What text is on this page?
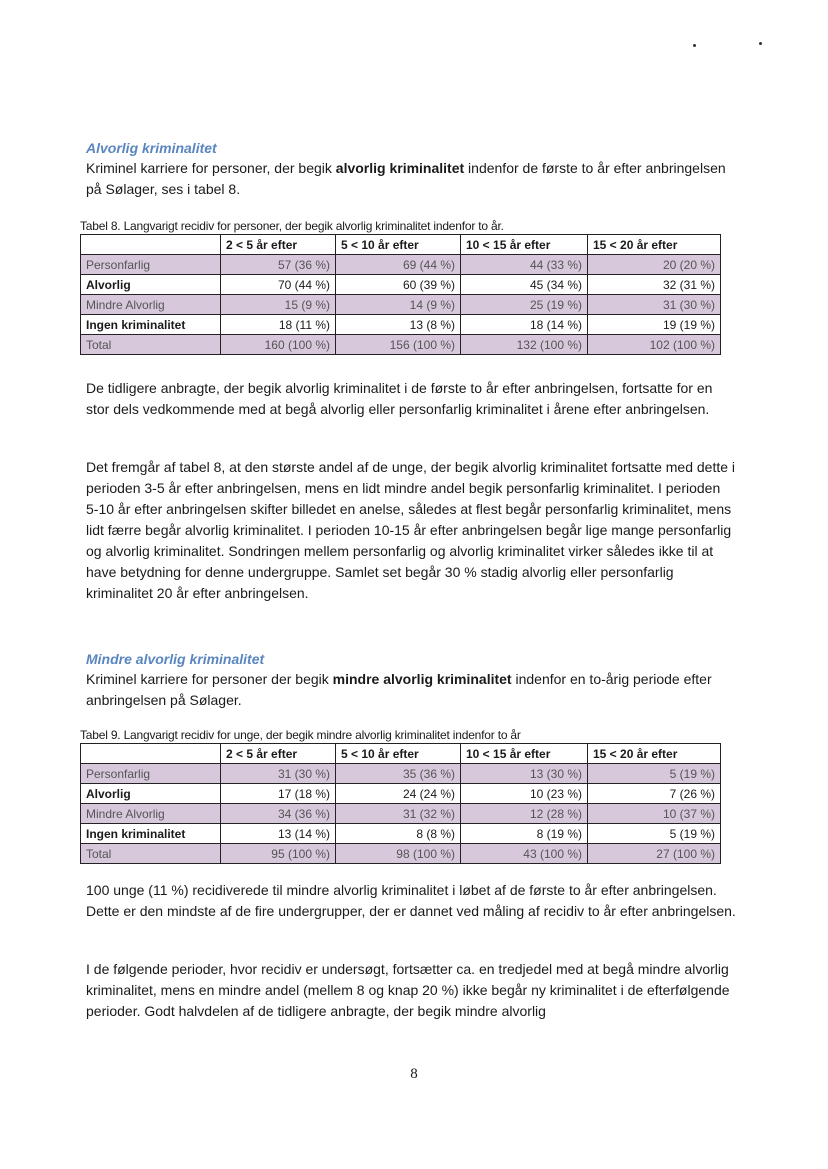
Alvorlig kriminalitet

Kriminel karriere for personer, der begik alvorlig kriminalitet indenfor de første to år efter anbringelsen på Sølager, ses i tabel 8.

Tabel 8. Langvarigt recidiv for personer, der begik alvorlig kriminalitet indenfor to år.
	2 < 5 år efter	5 < 10 år efter	10 < 15 år efter	15 < 20 år efter
Personfarlig	57 (36 %)	69 (44 %)	44 (33 %)	20 (20 %)
Alvorlig	70 (44 %)	60 (39 %)	45 (34 %)	32 (31 %)
Mindre Alvorlig	15 (9 %)	14 (9 %)	25 (19 %)	31 (30 %)
Ingen kriminalitet	18 (11 %)	13 (8 %)	18 (14 %)	19 (19 %)
Total	160 (100 %)	156 (100 %)	132 (100 %)	102 (100 %)

De tidligere anbragte, der begik alvorlig kriminalitet i de første to år efter anbringelsen, fortsatte for en stor dels vedkommende med at begå alvorlig eller personfarlig kriminalitet i årene efter anbringelsen.

Det fremgår af tabel 8, at den største andel af de unge, der begik alvorlig kriminalitet fortsatte med dette i perioden 3-5 år efter anbringelsen, mens en lidt mindre andel begik personfarlig kriminalitet. I perioden 5-10 år efter anbringelsen skifter billedet en anelse, således at flest begår personfarlig kriminalitet, mens lidt færre begår alvorlig kriminalitet. I perioden 10-15 år efter anbringelsen begår lige mange personfarlig og alvorlig kriminalitet. Sondringen mellem personfarlig og alvorlig kriminalitet virker således ikke til at have betydning for denne undergruppe. Samlet set begår 30 % stadig alvorlig eller personfarlig kriminalitet 20 år efter anbringelsen.

Mindre alvorlig kriminalitet

Kriminel karriere for personer der begik mindre alvorlig kriminalitet indenfor en to-årig periode efter anbringelsen på Sølager.

Tabel 9. Langvarigt recidiv for unge, der begik mindre alvorlig kriminalitet indenfor to år
	2 < 5 år efter	5 < 10 år efter	10 < 15 år efter	15 < 20 år efter
Personfarlig	31 (30 %)	35 (36 %)	13 (30 %)	5 (19 %)
Alvorlig	17 (18 %)	24 (24 %)	10 (23 %)	7 (26 %)
Mindre Alvorlig	34 (36 %)	31 (32 %)	12 (28 %)	10 (37 %)
Ingen kriminalitet	13 (14 %)	8 (8 %)	8 (19 %)	5 (19 %)
Total	95 (100 %)	98 (100 %)	43 (100 %)	27 (100 %)

100 unge (11 %) recidiverede til mindre alvorlig kriminalitet i løbet af de første to år efter anbringelsen. Dette er den mindste af de fire undergrupper, der er dannet ved måling af recidiv to år efter anbringelsen.

I de følgende perioder, hvor recidiv er undersøgt, fortsætter ca. en tredjedel med at begå mindre alvorlig kriminalitet, mens en mindre andel (mellem 8 og knap 20 %) ikke begår ny kriminalitet i de efterfølgende perioder. Godt halvdelen af de tidligere anbragte, der begik mindre alvorlig

8
